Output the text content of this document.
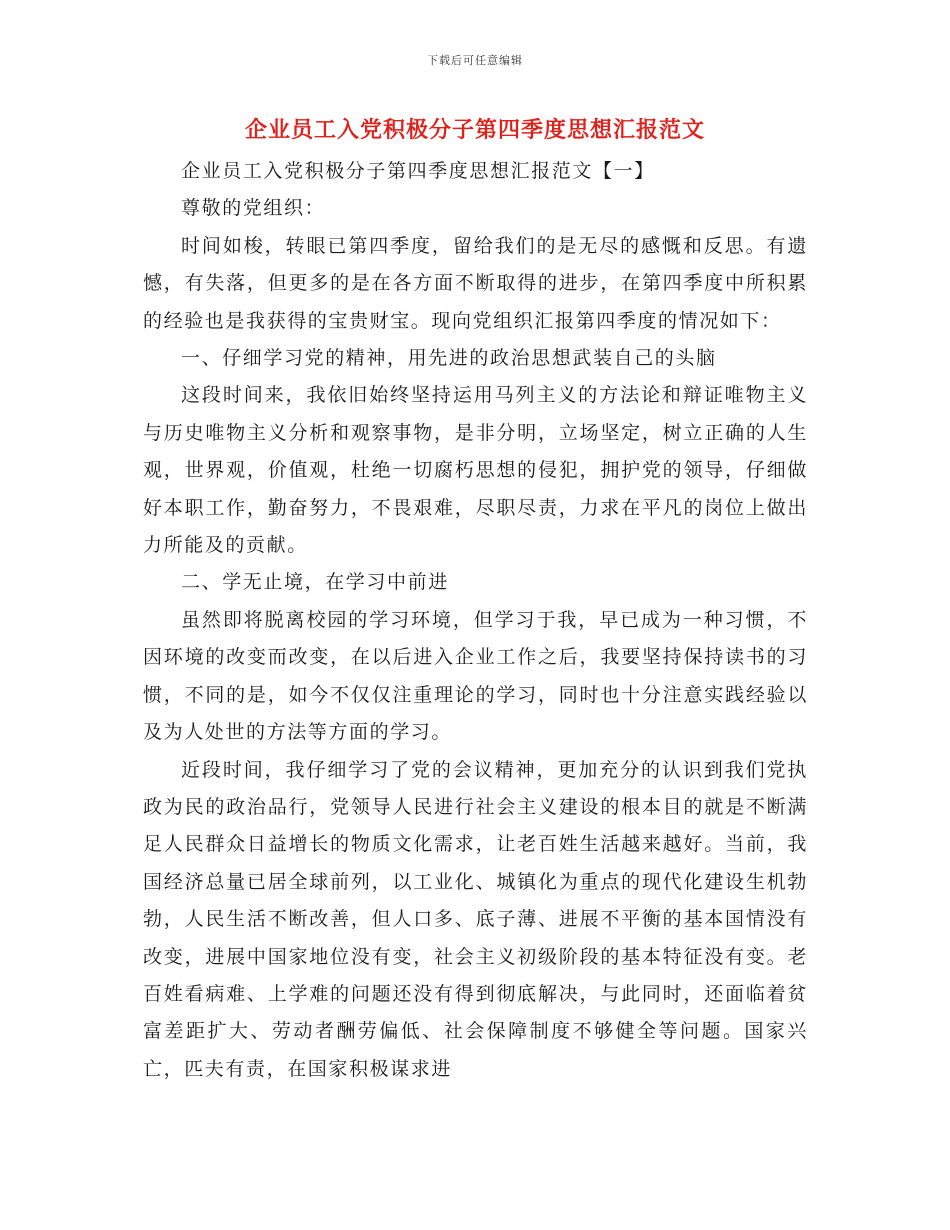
下载后可任意编辑
企业员工入党积极分子第四季度思想汇报范文

企业员工入党积极分子第四季度思想汇报范文【一】

尊敬的党组织：

时间如梭，转眼已第四季度，留给我们的是无尽的感慨和反思。有遗憾，有失落，但更多的是在各方面不断取得的进步，在第四季度中所积累的经验也是我获得的宝贵财宝。现向党组织汇报第四季度的情况如下：

一、仔细学习党的精神，用先进的政治思想武装自己的头脑

这段时间来，我依旧始终坚持运用马列主义的方法论和辩证唯物主义与历史唯物主义分析和观察事物，是非分明，立场坚定，树立正确的人生观，世界观，价值观，杜绝一切腐朽思想的侵犯，拥护党的领导，仔细做好本职工作，勤奋努力，不畏艰难，尽职尽责，力求在平凡的岗位上做出力所能及的贡献。

二、学无止境，在学习中前进

虽然即将脱离校园的学习环境，但学习于我，早已成为一种习惯，不因环境的改变而改变，在以后进入企业工作之后，我要坚持保持读书的习惯，不同的是，如今不仅仅注重理论的学习，同时也十分注意实践经验以及为人处世的方法等方面的学习。

近段时间，我仔细学习了党的会议精神，更加充分的认识到我们党执政为民的政治品行，党领导人民进行社会主义建设的根本目的就是不断满足人民群众日益增长的物质文化需求，让老百姓生活越来越好。当前，我国经济总量已居全球前列，以工业化、城镇化为重点的现代化建设生机勃勃，人民生活不断改善，但人口多、底子薄、进展不平衡的基本国情没有改变，进展中国家地位没有变，社会主义初级阶段的基本特征没有变。老百姓看病难、上学难的问题还没有得到彻底解决，与此同时，还面临着贫富差距扩大、劳动者酬劳偏低、社会保障制度不够健全等问题。国家兴亡，匹夫有责，在国家积极谋求进
